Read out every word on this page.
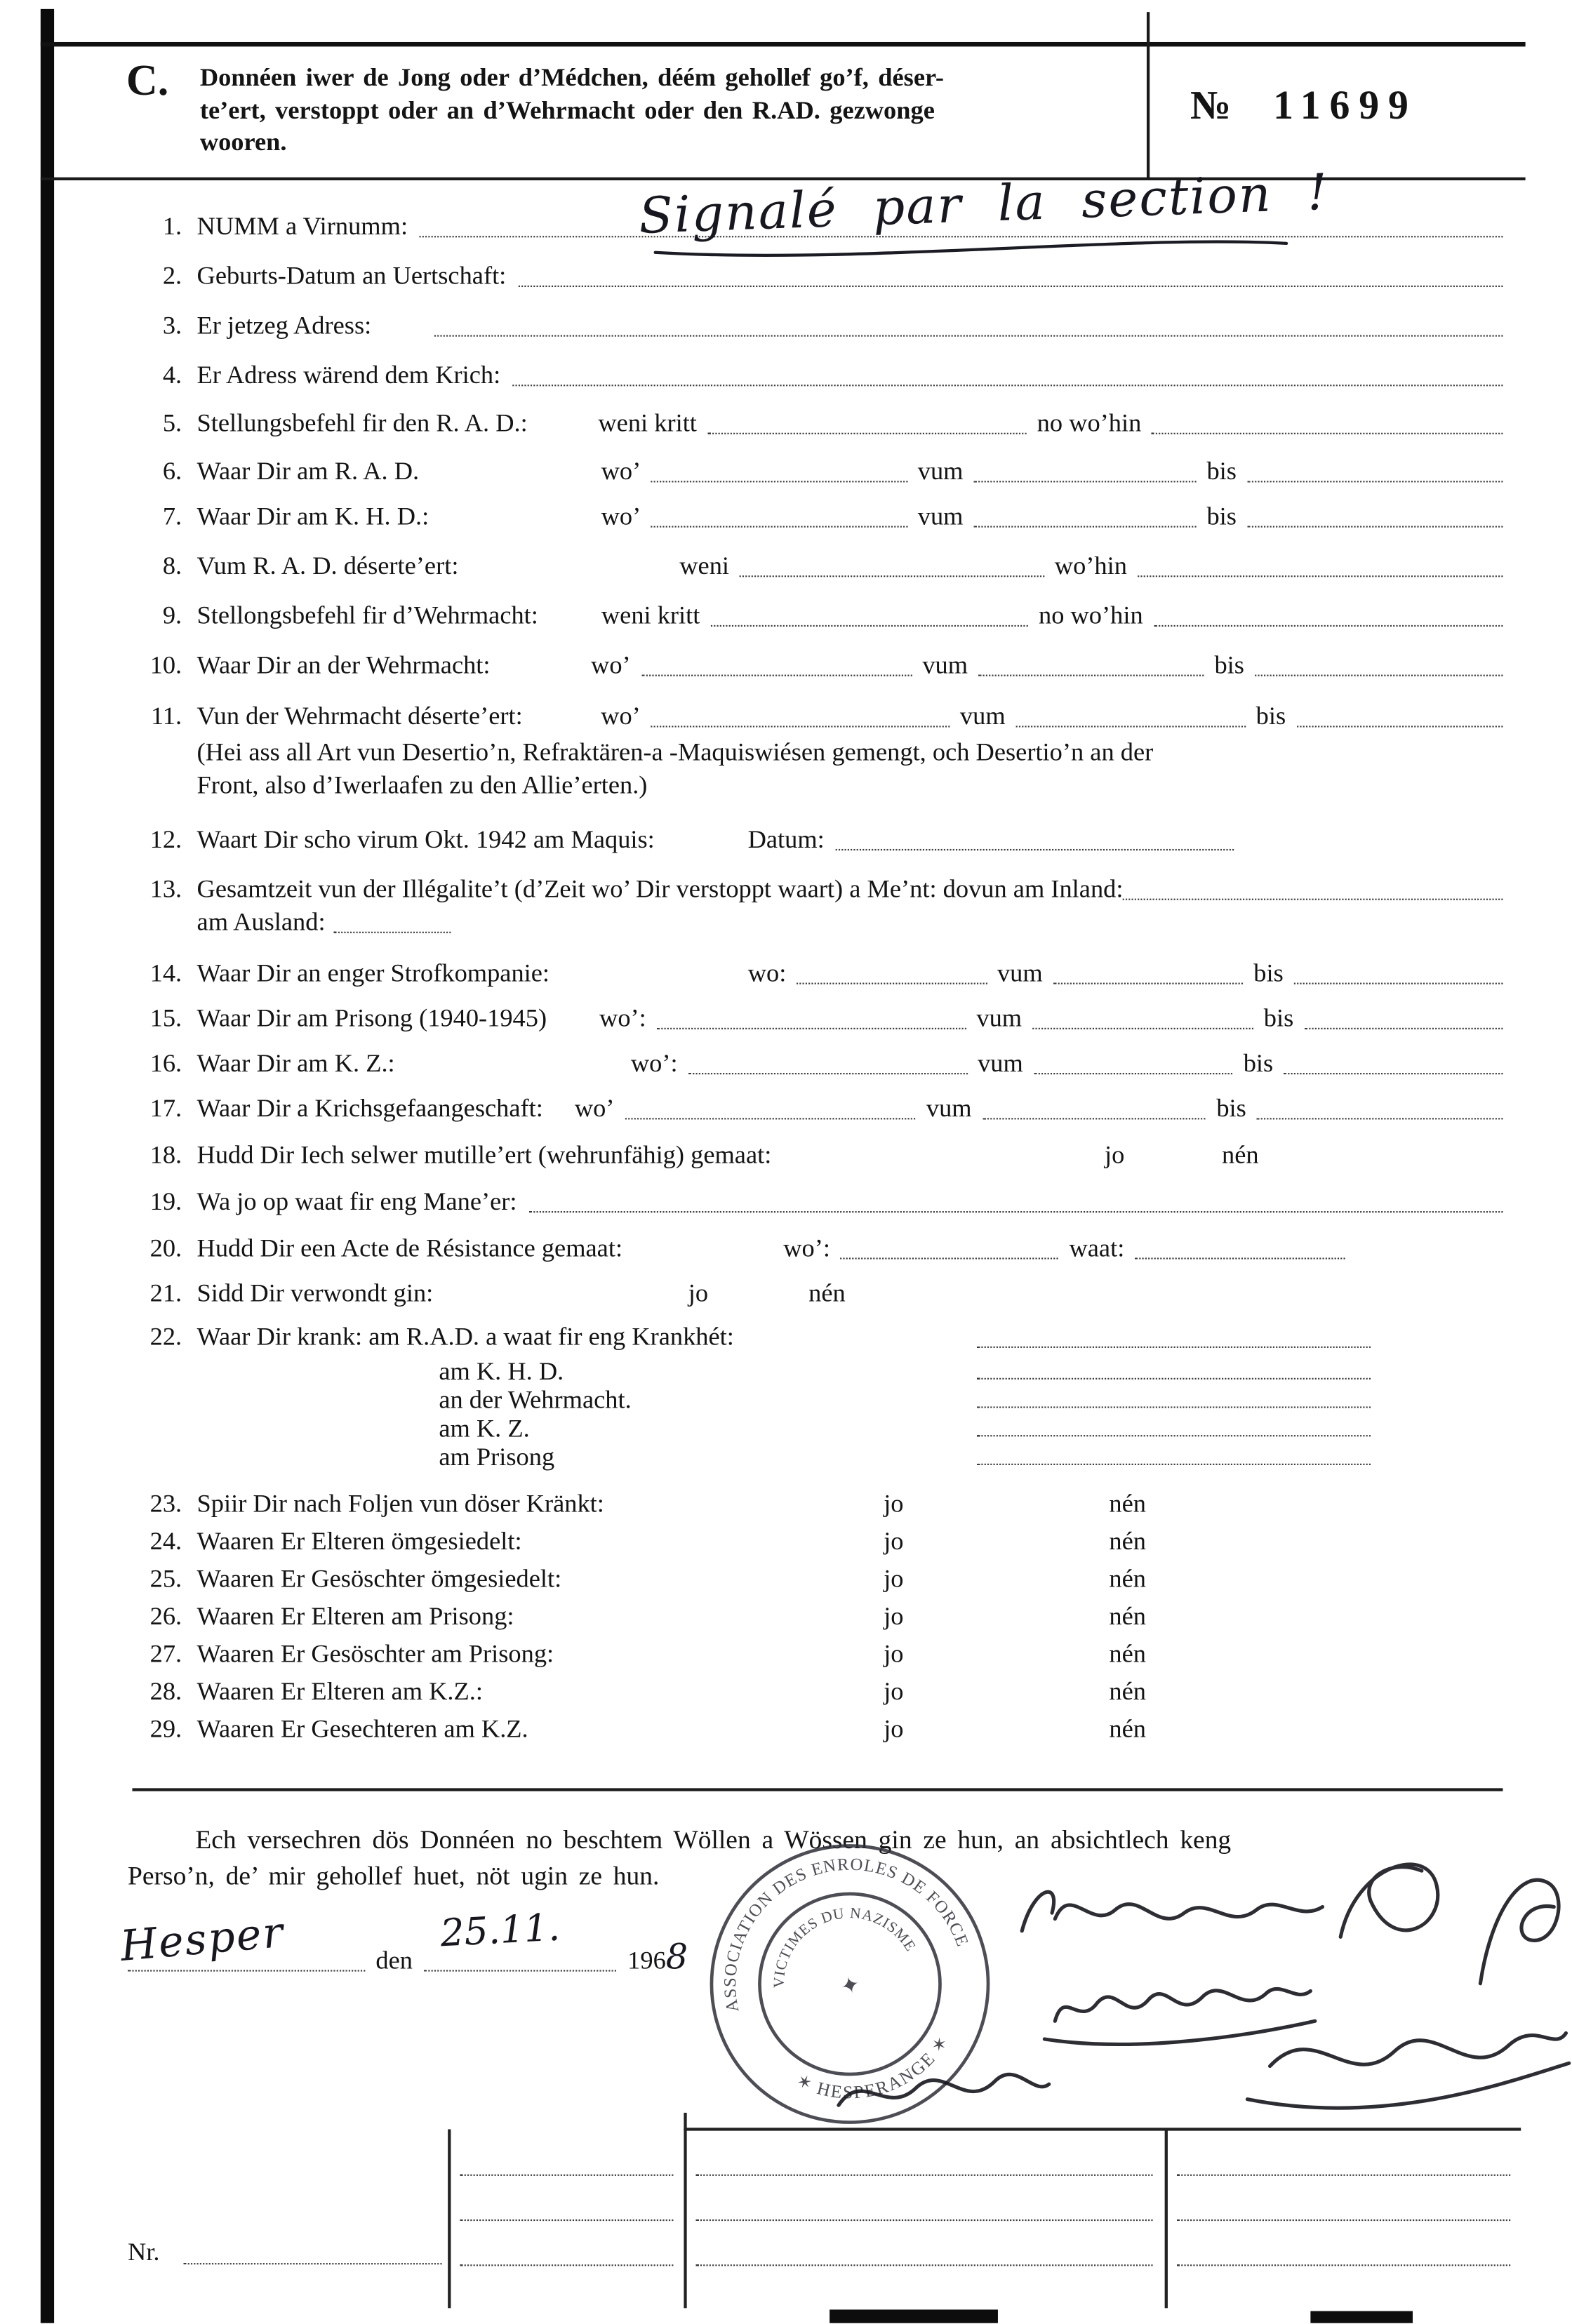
C.	Donnéen iwer de Jong oder d’Médchen, déém gehollef go’f, déser-
te’ert, verstoppt oder an d’Wehrmacht oder den R.AD. gezwonge
wooren.
№ 11699
1. NUMM a Virnumm:
2. Geburts-Datum an Uertschaft:
3. Er jetzeg Adress:
4. Er Adress wärend dem Krich:
5. Stellungsbefehl fir den R. A. D.:	weni kritt	no wo’hin
6. Waar Dir am R. A. D.	wo’	vum	bis
7. Waar Dir am K. H. D.:	wo’	vum	bis
8. Vum R. A. D. déserte’ert:	weni	wo’hin
9. Stellongsbefehl fir d’Wehrmacht:	weni kritt	no wo’hin
10. Waar Dir an der Wehrmacht:	wo’	vum	bis
11. Vun der Wehrmacht déserte’ert:	wo’	vum	bis
(Hei ass all Art vun Desertio’n, Refraktären-a -Maquiswiésen gemengt, och Desertio’n an der
Front, also d’Iwerlaafen zu den Allie’erten.)
12. Waart Dir scho virum Okt. 1942 am Maquis:	Datum:
13. Gesamtzeit vun der Illégalite’t (d’Zeit wo’ Dir verstoppt waart) a Me’nt: dovun am Inland:
am Ausland:
14. Waar Dir an enger Strofkompanie:	wo:	vum	bis
15. Waar Dir am Prisong (1940-1945)	wo’:	vum	bis
16. Waar Dir am K. Z.:	wo’:	vum	bis
17. Waar Dir a Krichsgefaangeschaft:	wo’	vum	bis
18. Hudd Dir Iech selwer mutille’ert (wehrunfähig) gemaat:	jo	nén
19. Wa jo op waat fir eng Mane’er:
20. Hudd Dir een Acte de Résistance gemaat:	wo’:	waat:
21. Sidd Dir verwondt gin:	jo	nén
22. Waar Dir krank: am R.A.D. a waat fir eng Krankhét:
am K. H. D.
an der Wehrmacht.
am K. Z.
am Prisong
23. Spiir Dir nach Foljen vun döser Kränkt:	jo	nén
24. Waaren Er Elteren ömgesiedelt:	jo	nén
25. Waaren Er Gesöschter ömgesiedelt:	jo	nén
26. Waaren Er Elteren am Prisong:	jo	nén
27. Waaren Er Gesöschter am Prisong:	jo	nén
28. Waaren Er Elteren am K.Z.:	jo	nén
29. Waaren Er Gesechteren am K.Z.	jo	nén
Signalé par la section !
Ech versechren dös Donnéen no beschtem Wöllen a Wössen gin ze hun, an absichtlech keng
Perso’n, de’ mir gehollef huet, nöt ugin ze hun.
Hesper	25.11.
den	196 8
ASSOCIATION DES ENROLES DE FORCE
VICTIMES DU NAZISME
✶ HESPERANGE ✶
✦
Nr.
